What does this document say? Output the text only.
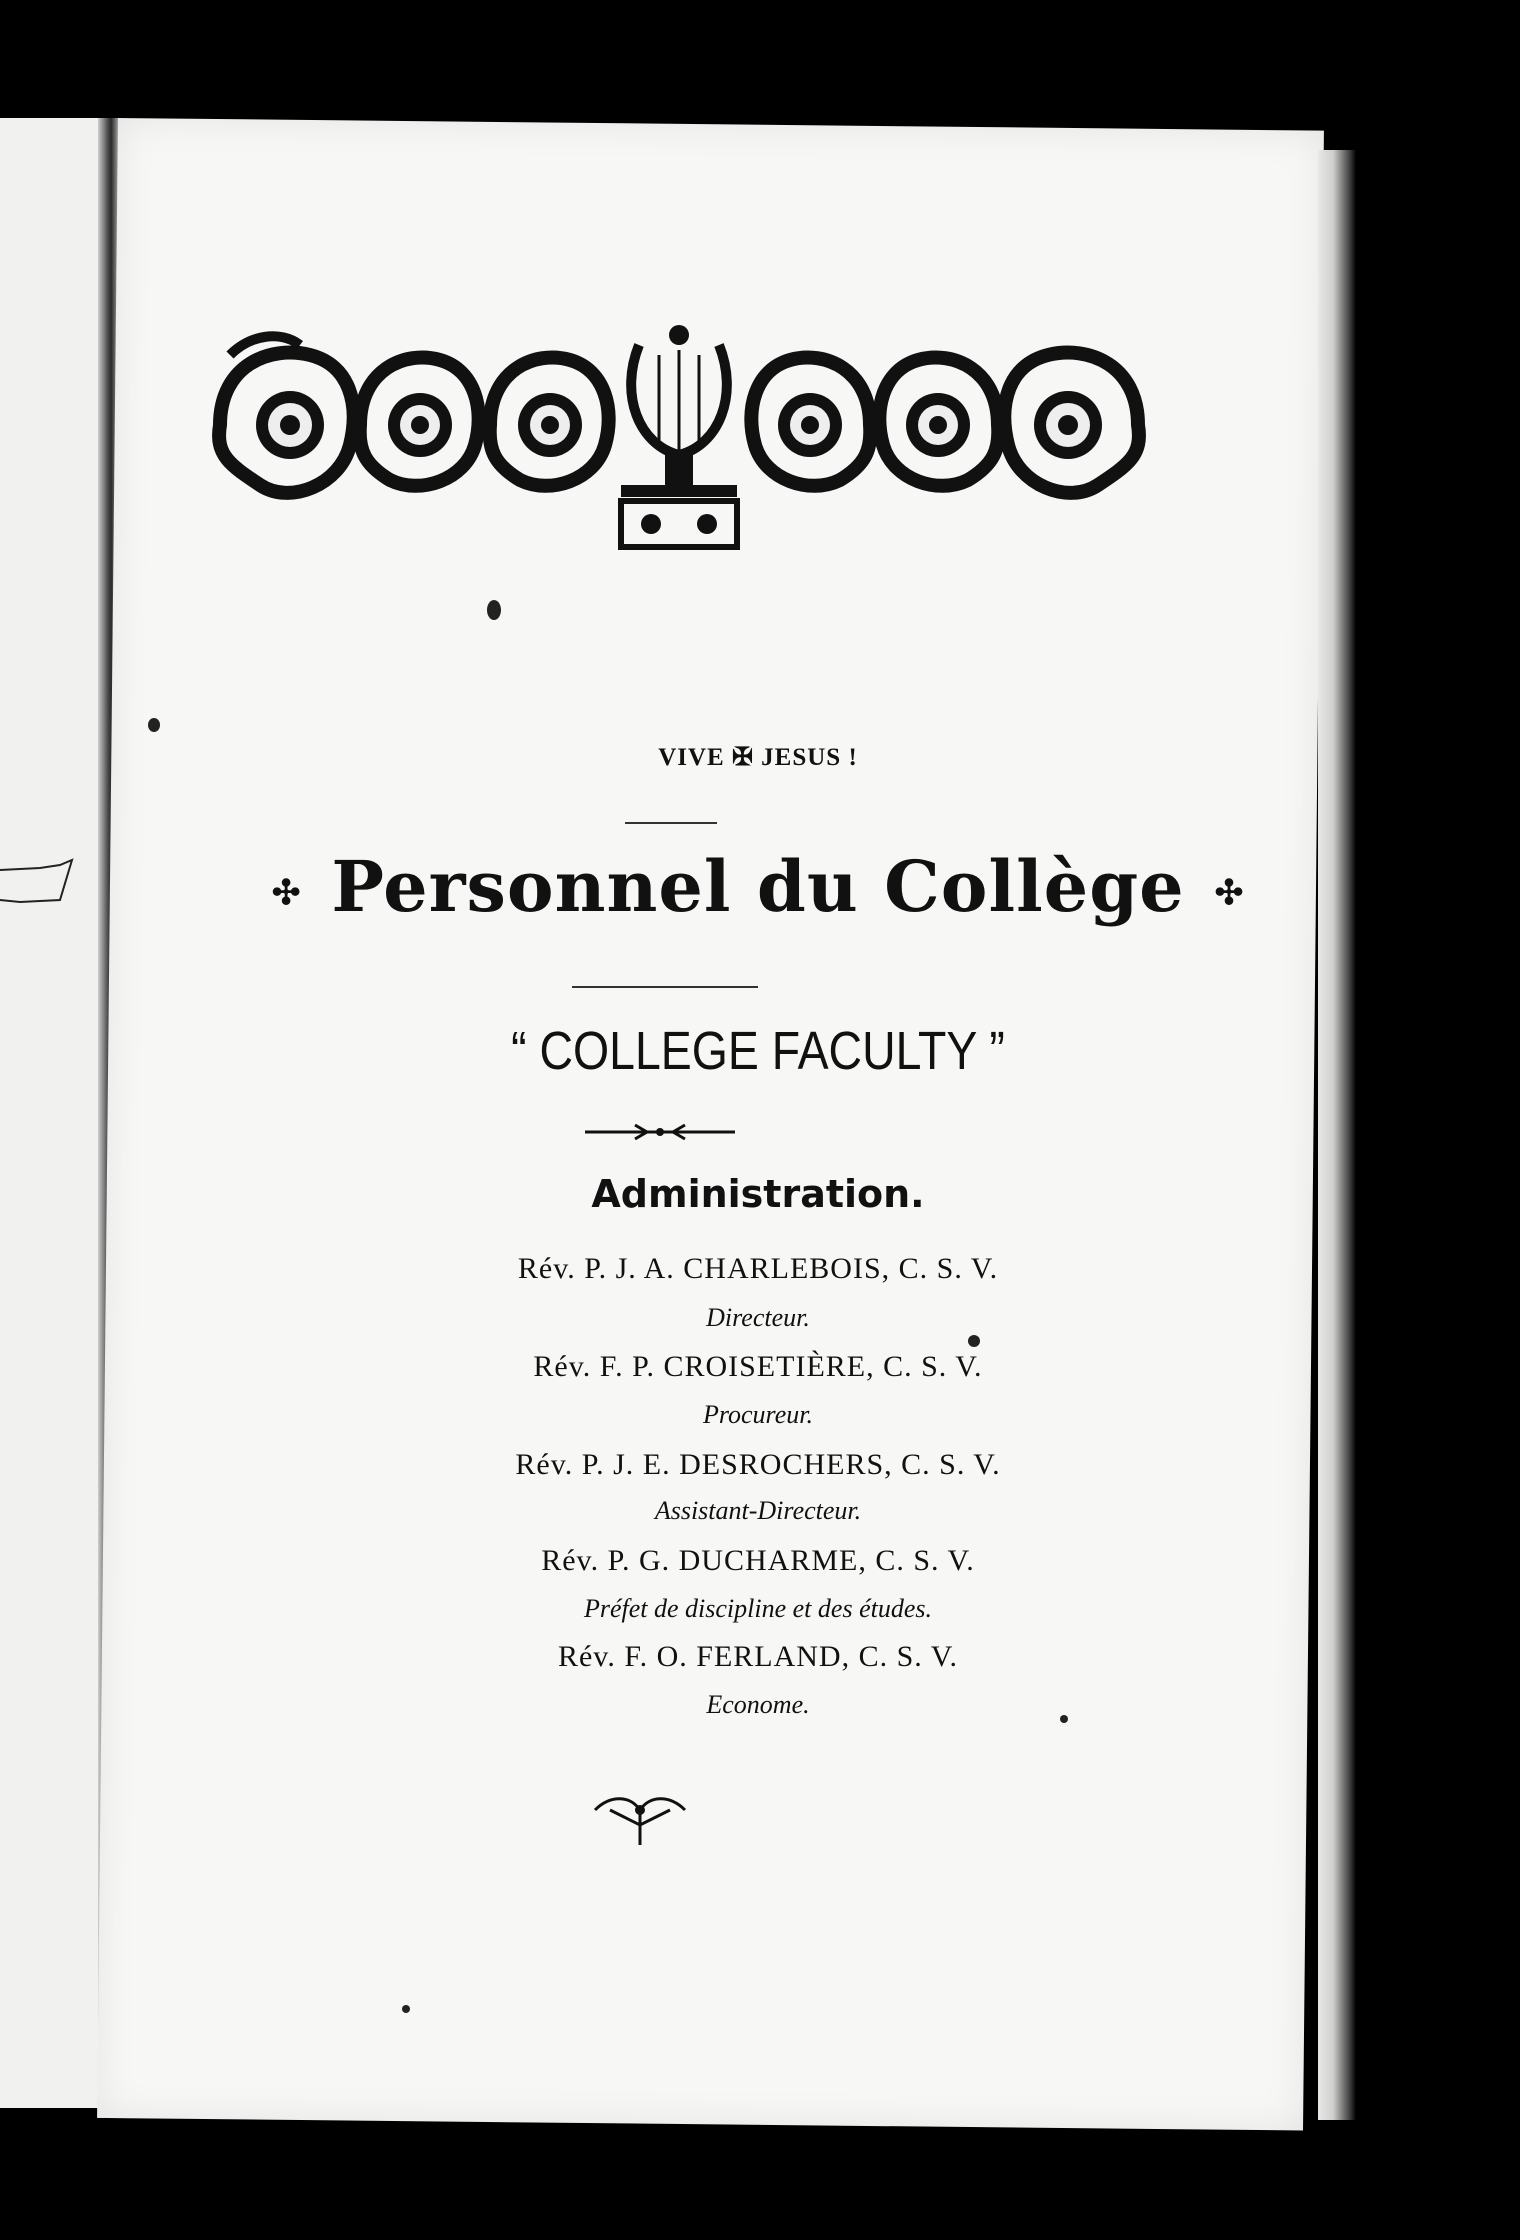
VIVE ✠ JESUS !
✣ Personnel du Collège ✣
“ COLLEGE FACULTY ”
Administration.
Rév. P. J. A. CHARLEBOIS, C. S. V.
Directeur.
Rév. F. P. CROISETIÈRE, C. S. V.
Procureur.
Rév. P. J. E. DESROCHERS, C. S. V.
Assistant-Directeur.
Rév. P. G. DUCHARME, C. S. V.
Préfet de discipline et des études.
Rév. F. O. FERLAND, C. S. V.
Econome.
